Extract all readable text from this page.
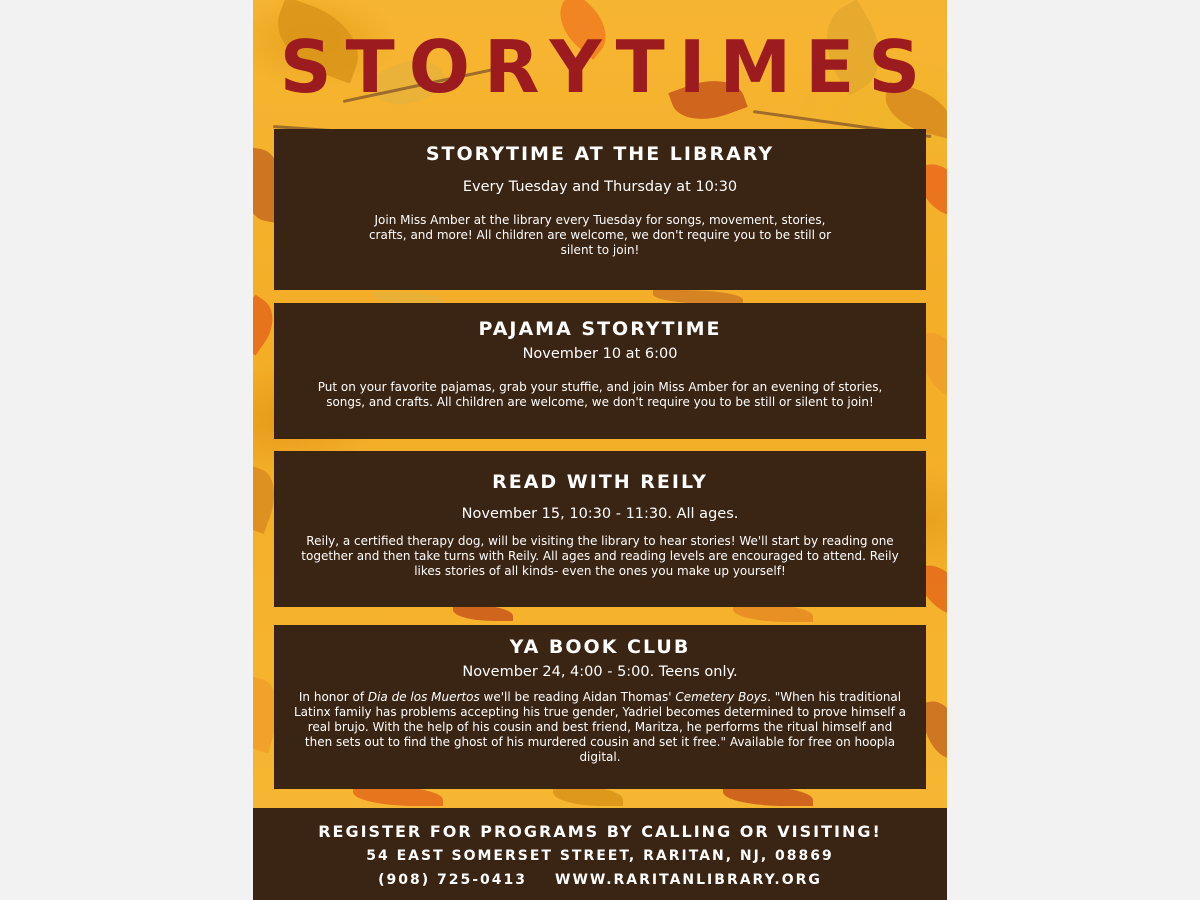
STORYTIMES
STORYTIME AT THE LIBRARY

Every Tuesday and Thursday at 10:30

Join Miss Amber at the library every Tuesday for songs, movement, stories, crafts, and more! All children are welcome, we don't require you to be still or silent to join!

PAJAMA STORYTIME

November 10 at 6:00

Put on your favorite pajamas, grab your stuffie, and join Miss Amber for an evening of stories, songs, and crafts. All children are welcome, we don't require you to be still or silent to join!

READ WITH REILY

November 15, 10:30 - 11:30. All ages.

Reily, a certified therapy dog, will be visiting the library to hear stories! We'll start by reading one together and then take turns with Reily. All ages and reading levels are encouraged to attend. Reily likes stories of all kinds- even the ones you make up yourself!

YA BOOK CLUB

November 24, 4:00 - 5:00. Teens only.

In honor of Dia de los Muertos we'll be reading Aidan Thomas' Cemetery Boys. "When his traditional Latinx family has problems accepting his true gender, Yadriel becomes determined to prove himself a real brujo. With the help of his cousin and best friend, Maritza, he performs the ritual himself and then sets out to find the ghost of his murdered cousin and set it free." Available for free on hoopla digital.

REGISTER FOR PROGRAMS BY CALLING OR VISITING!
54 EAST SOMERSET STREET, RARITAN, NJ, 08869
(908) 725-0413 WWW.RARITANLIBRARY.ORG
